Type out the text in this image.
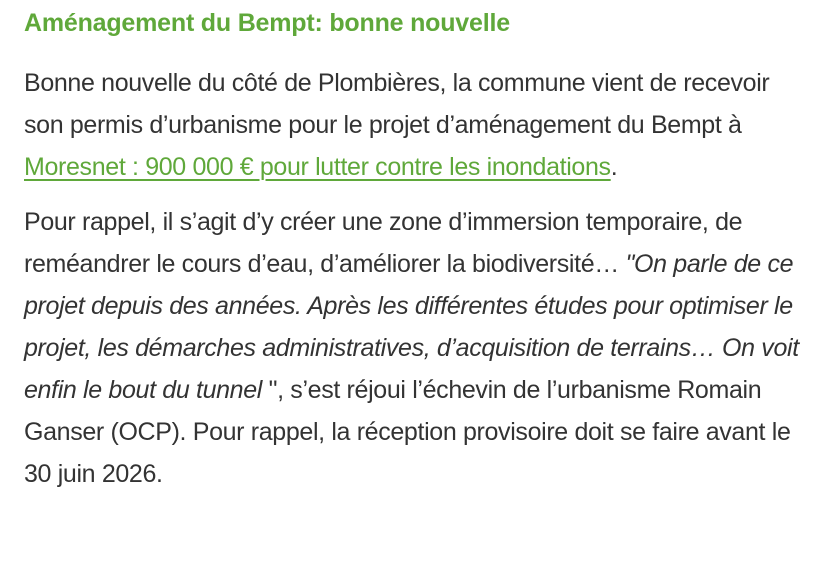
Aménagement du Bempt: bonne nouvelle

Bonne nouvelle du côté de Plombières, la commune vient de recevoir son permis d’urbanisme pour le projet d’aménagement du Bempt à Moresnet : 900 000 € pour lutter contre les inondations.

Pour rappel, il s’agit d’y créer une zone d’immersion temporaire, de reméandrer le cours d’eau, d’améliorer la biodiversité… "On parle de ce projet depuis des années. Après les différentes études pour optimiser le projet, les démarches administratives, d’acquisition de terrains… On voit enfin le bout du tunnel ", s’est réjoui l’échevin de l’urbanisme Romain Ganser (OCP). Pour rappel, la réception provisoire doit se faire avant le 30 juin 2026.
